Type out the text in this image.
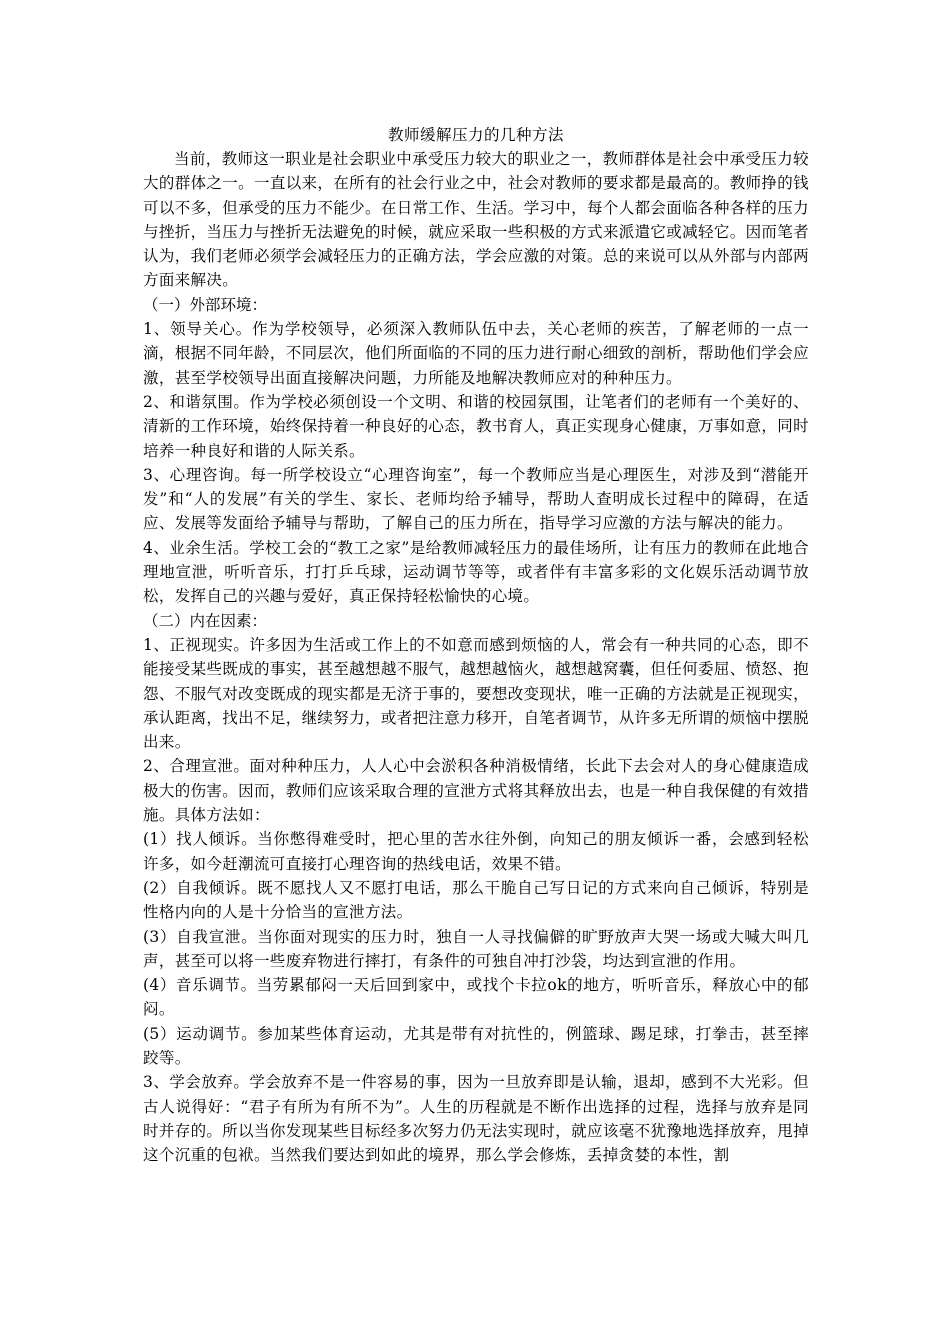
教师缓解压力的几种方法

当前，教师这一职业是社会职业中承受压力较大的职业之一，教师群体是社会中承受压力较大的群体之一。一直以来，在所有的社会行业之中，社会对教师的要求都是最高的。教师挣的钱可以不多，但承受的压力不能少。在日常工作、生活。学习中，每个人都会面临各种各样的压力与挫折，当压力与挫折无法避免的时候，就应采取一些积极的方式来派遣它或减轻它。因而笔者认为，我们老师必须学会减轻压力的正确方法，学会应激的对策。总的来说可以从外部与内部两方面来解决。

（一）外部环境：

1、领导关心。作为学校领导，必须深入教师队伍中去，关心老师的疾苦，了解老师的一点一滴，根据不同年龄，不同层次，他们所面临的不同的压力进行耐心细致的剖析，帮助他们学会应激，甚至学校领导出面直接解决问题，力所能及地解决教师应对的种种压力。

2、和谐氛围。作为学校必须创设一个文明、和谐的校园氛围，让笔者们的老师有一个美好的、清新的工作环境，始终保持着一种良好的心态，教书育人，真正实现身心健康，万事如意，同时培养一种良好和谐的人际关系。

3、心理咨询。每一所学校设立“心理咨询室”，每一个教师应当是心理医生，对涉及到“潜能开发”和“人的发展”有关的学生、家长、老师均给予辅导，帮助人查明成长过程中的障碍，在适应、发展等发面给予辅导与帮助，了解自己的压力所在，指导学习应激的方法与解决的能力。

4、业余生活。学校工会的“教工之家”是给教师减轻压力的最佳场所，让有压力的教师在此地合理地宣泄，听听音乐，打打乒乓球，运动调节等等，或者伴有丰富多彩的文化娱乐活动调节放松，发挥自己的兴趣与爱好，真正保持轻松愉快的心境。

（二）内在因素：

1、正视现实。许多因为生活或工作上的不如意而感到烦恼的人，常会有一种共同的心态，即不能接受某些既成的事实，甚至越想越不服气，越想越恼火，越想越窝囊，但任何委屈、愤怒、抱怨、不服气对改变既成的现实都是无济于事的，要想改变现状，唯一正确的方法就是正视现实，承认距离，找出不足，继续努力，或者把注意力移开，自笔者调节，从许多无所谓的烦恼中摆脱出来。

2、合理宣泄。面对种种压力，人人心中会淤积各种消极情绪，长此下去会对人的身心健康造成极大的伤害。因而，教师们应该采取合理的宣泄方式将其释放出去，也是一种自我保健的有效措施。具体方法如：

(1）找人倾诉。当你憋得难受时，把心里的苦水往外倒，向知己的朋友倾诉一番，会感到轻松许多，如今赶潮流可直接打心理咨询的热线电话，效果不错。

(2）自我倾诉。既不愿找人又不愿打电话，那么干脆自己写日记的方式来向自己倾诉，特别是性格内向的人是十分恰当的宣泄方法。

(3）自我宣泄。当你面对现实的压力时，独自一人寻找偏僻的旷野放声大哭一场或大喊大叫几声，甚至可以将一些废弃物进行摔打，有条件的可独自冲打沙袋，均达到宣泄的作用。

(4）音乐调节。当劳累郁闷一天后回到家中，或找个卡拉ok的地方，听听音乐，释放心中的郁闷。

(5）运动调节。参加某些体育运动，尤其是带有对抗性的，例篮球、踢足球，打拳击，甚至摔跤等。

3、学会放弃。学会放弃不是一件容易的事，因为一旦放弃即是认输，退却，感到不大光彩。但古人说得好：“君子有所为有所不为”。人生的历程就是不断作出选择的过程，选择与放弃是同时并存的。所以当你发现某些目标经多次努力仍无法实现时，就应该毫不犹豫地选择放弃，甩掉这个沉重的包袱。当然我们要达到如此的境界，那么学会修炼，丢掉贪婪的本性，割
